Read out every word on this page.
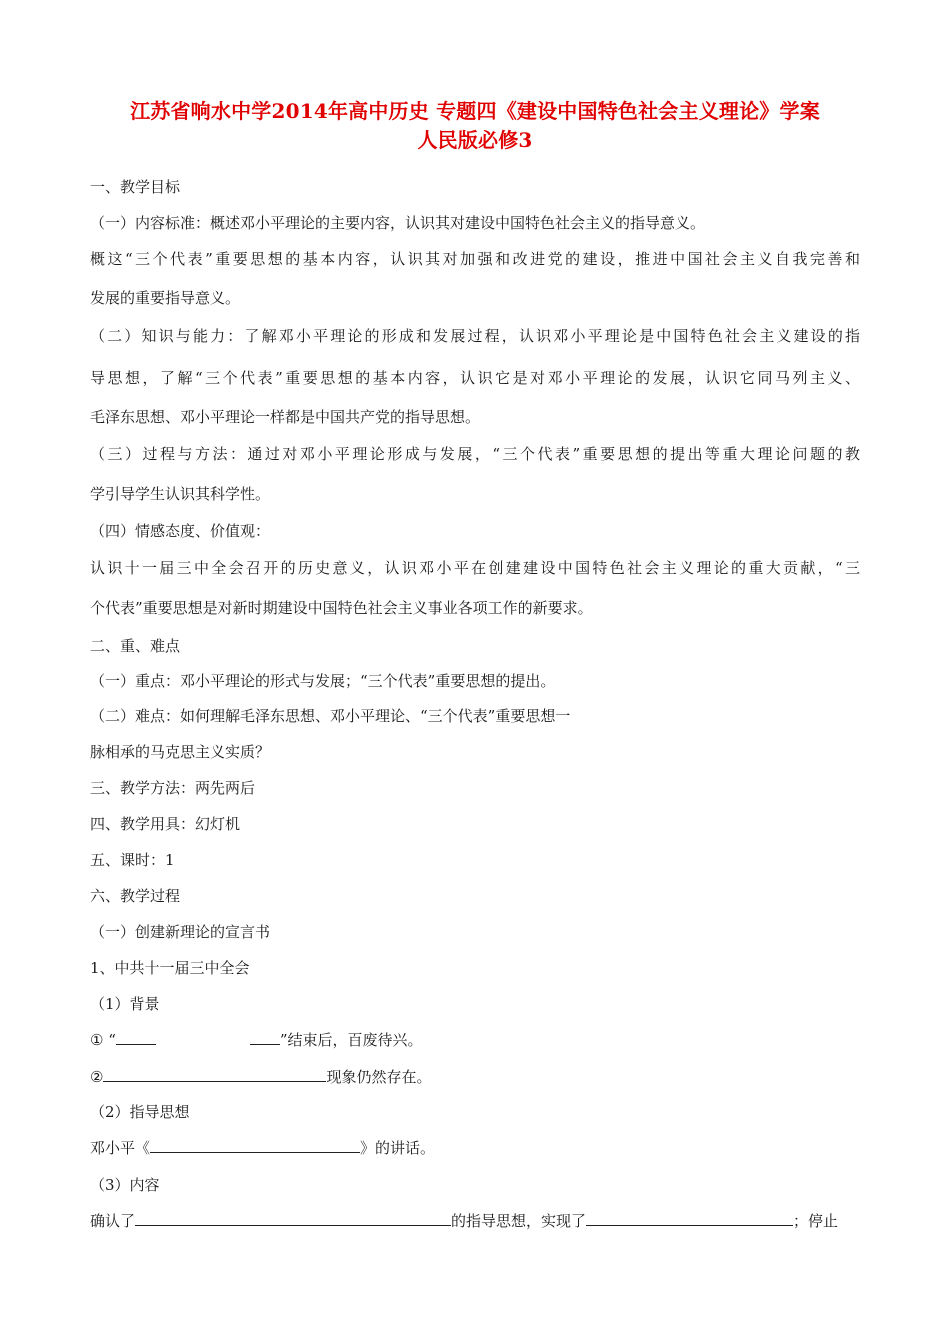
江苏省响水中学2014年高中历史 专题四《建设中国特色社会主义理论》学案
人民版必修3
一、教学目标
（一）内容标准：概述邓小平理论的主要内容，认识其对建设中国特色社会主义的指导意义。
概这“三个代表”重要思想的基本内容，认识其对加强和改进党的建设，推进中国社会主义自我完善和
发展的重要指导意义。
（二）知识与能力：了解邓小平理论的形成和发展过程，认识邓小平理论是中国特色社会主义建设的指
导思想，了解“三个代表”重要思想的基本内容，认识它是对邓小平理论的发展，认识它同马列主义、
毛泽东思想、邓小平理论一样都是中国共产党的指导思想。
（三）过程与方法：通过对邓小平理论形成与发展，“三个代表”重要思想的提出等重大理论问题的教
学引导学生认识其科学性。
（四）情感态度、价值观：
认识十一届三中全会召开的历史意义，认识邓小平在创建建设中国特色社会主义理论的重大贡献，“三
个代表”重要思想是对新时期建设中国特色社会主义事业各项工作的新要求。
二、重、难点
（一）重点：邓小平理论的形式与发展；“三个代表”重要思想的提出。
（二）难点：如何理解毛泽东思想、邓小平理论、“三个代表”重要思想一
脉相承的马克思主义实质？
三、教学方法：两先两后
四、教学用具：幻灯机
五、课时：1
六、教学过程
（一）创建新理论的宣言书
1、中共十一届三中全会
（1）背景
① “	”结束后，百废待兴。
②	现象仍然存在。
（2）指导思想
邓小平《	》的讲话。
（3）内容
确认了	的指导思想，实现了	；停止
